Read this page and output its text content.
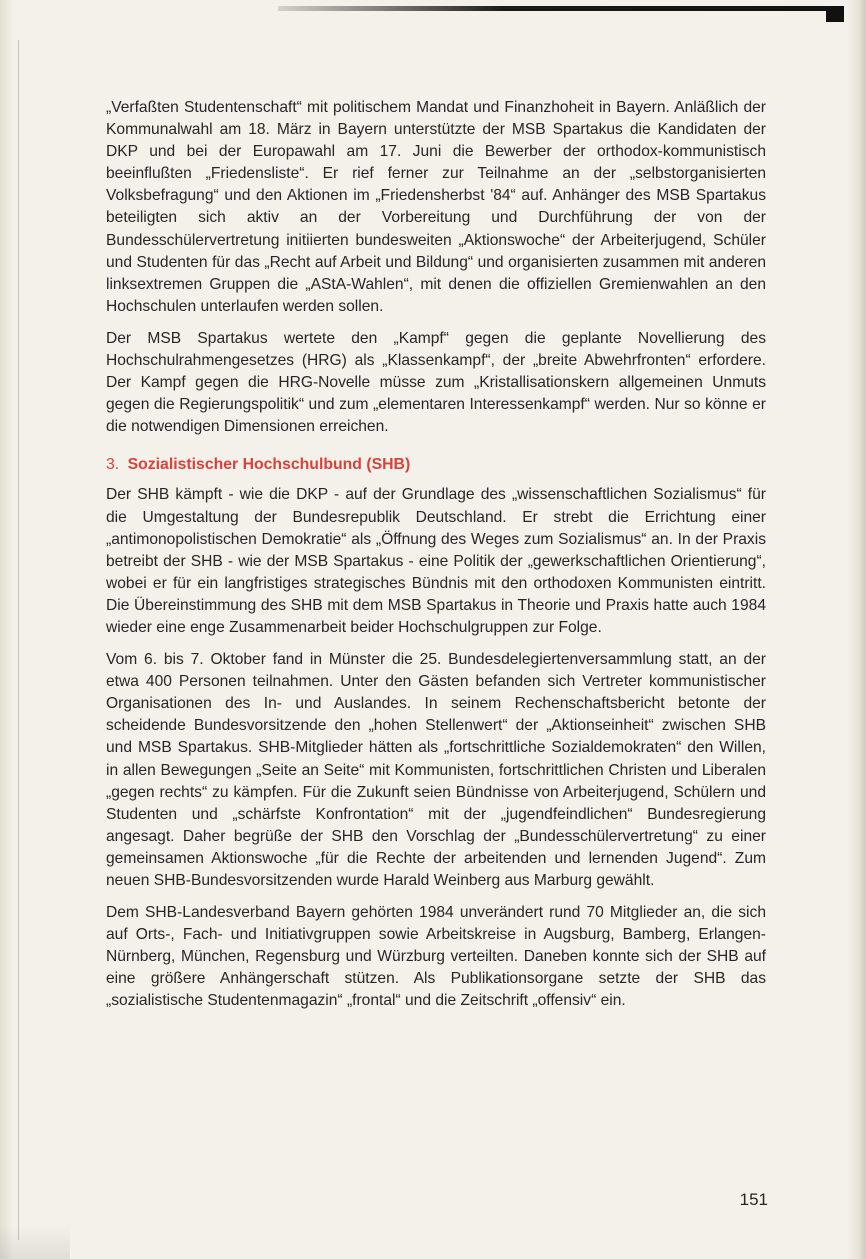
„Verfaßten Studentenschaft“ mit politischem Mandat und Finanzhoheit in Bayern. Anläßlich der Kommunalwahl am 18. März in Bayern unterstützte der MSB Spartakus die Kandidaten der DKP und bei der Europawahl am 17. Juni die Bewerber der orthodox-kommunistisch beeinflußten „Friedensliste“. Er rief ferner zur Teilnahme an der „selbstorganisierten Volksbefragung“ und den Aktionen im „Friedensherbst '84“ auf. Anhänger des MSB Spartakus beteiligten sich aktiv an der Vorbereitung und Durchführung der von der Bundesschülervertretung initiierten bundesweiten „Aktionswoche“ der Arbeiterjugend, Schüler und Studenten für das „Recht auf Arbeit und Bildung“ und organisierten zusammen mit anderen linksextremen Gruppen die „AStA-Wahlen“, mit denen die offiziellen Gremienwahlen an den Hochschulen unterlaufen werden sollen.

Der MSB Spartakus wertete den „Kampf“ gegen die geplante Novellierung des Hochschulrahmengesetzes (HRG) als „Klassenkampf“, der „breite Abwehrfronten“ erfordere. Der Kampf gegen die HRG-Novelle müsse zum „Kristallisationskern allgemeinen Unmuts gegen die Regierungspolitik“ und zum „elementaren Interessenkampf“ werden. Nur so könne er die notwendigen Dimensionen erreichen.

3. Sozialistischer Hochschulbund (SHB)

Der SHB kämpft - wie die DKP - auf der Grundlage des „wissenschaftlichen Sozialismus“ für die Umgestaltung der Bundesrepublik Deutschland. Er strebt die Errichtung einer „antimonopolistischen Demokratie“ als „Öffnung des Weges zum Sozialismus“ an. In der Praxis betreibt der SHB - wie der MSB Spartakus - eine Politik der „gewerkschaftlichen Orientierung“, wobei er für ein langfristiges strategisches Bündnis mit den orthodoxen Kommunisten eintritt. Die Übereinstimmung des SHB mit dem MSB Spartakus in Theorie und Praxis hatte auch 1984 wieder eine enge Zusammenarbeit beider Hochschulgruppen zur Folge.

Vom 6. bis 7. Oktober fand in Münster die 25. Bundesdelegiertenversammlung statt, an der etwa 400 Personen teilnahmen. Unter den Gästen befanden sich Vertreter kommunistischer Organisationen des In- und Auslandes. In seinem Rechenschaftsbericht betonte der scheidende Bundesvorsitzende den „hohen Stellenwert“ der „Aktionseinheit“ zwischen SHB und MSB Spartakus. SHB-Mitglieder hätten als „fortschrittliche Sozialdemokraten“ den Willen, in allen Bewegungen „Seite an Seite“ mit Kommunisten, fortschrittlichen Christen und Liberalen „gegen rechts“ zu kämpfen. Für die Zukunft seien Bündnisse von Arbeiterjugend, Schülern und Studenten und „schärfste Konfrontation“ mit der „jugendfeindlichen“ Bundesregierung angesagt. Daher begrüße der SHB den Vorschlag der „Bundesschülervertretung“ zu einer gemeinsamen Aktionswoche „für die Rechte der arbeitenden und lernenden Jugend“. Zum neuen SHB-Bundesvorsitzenden wurde Harald Weinberg aus Marburg gewählt.

Dem SHB-Landesverband Bayern gehörten 1984 unverändert rund 70 Mitglieder an, die sich auf Orts-, Fach- und Initiativgruppen sowie Arbeitskreise in Augsburg, Bamberg, Erlangen-Nürnberg, München, Regensburg und Würzburg verteilten. Daneben konnte sich der SHB auf eine größere Anhängerschaft stützen. Als Publikationsorgane setzte der SHB das „sozialistische Studentenmagazin“ „frontal“ und die Zeitschrift „offensiv“ ein.

151
